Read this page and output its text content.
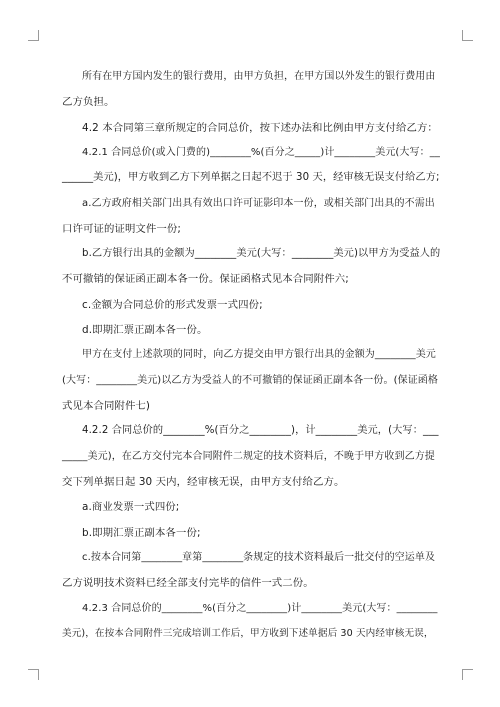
所有在甲方国内发生的银行费用，由甲方负担，在甲方国以外发生的银行费用由
乙方负担。
4.2 本合同第三章所规定的合同总价，按下述办法和比例由甲方支付给乙方：
4.2.1 合同总价(或入门费的)________%(百分之_____)计________美元(大写：__
______美元)，甲方收到乙方下列单据之日起不迟于 30 天，经审核无误支付给乙方;
a.乙方政府相关部门出具有效出口许可证影印本一份，或相关部门出具的不需出
口许可证的证明文件一份;
b.乙方银行出具的金额为________美元(大写：________美元)以甲方为受益人的
不可撤销的保证函正副本各一份。保证函格式见本合同附件六;
c.金额为合同总价的形式发票一式四份;
d.即期汇票正副本各一份。
甲方在支付上述款项的同时，向乙方提交由甲方银行出具的金额为________美元
(大写：________美元)以乙方为受益人的不可撤销的保证函正副本各一份。(保证函格
式见本合同附件七)
4.2.2 合同总价的________%(百分之________)，计________美元，(大写：___
_____美元)，在乙方交付完本合同附件二规定的技术资料后，不晚于甲方收到乙方提
交下列单据日起 30 天内，经审核无误，由甲方支付给乙方。
a.商业发票一式四份;
b.即期汇票正副本各一份;
c.按本合同第________章第________条规定的技术资料最后一批交付的空运单及
乙方说明技术资料已经全部支付完毕的信件一式二份。
4.2.3 合同总价的________%(百分之________)计________美元(大写：________
美元)，在按本合同附件三完成培训工作后，甲方收到下述单据后 30 天内经审核无误，
